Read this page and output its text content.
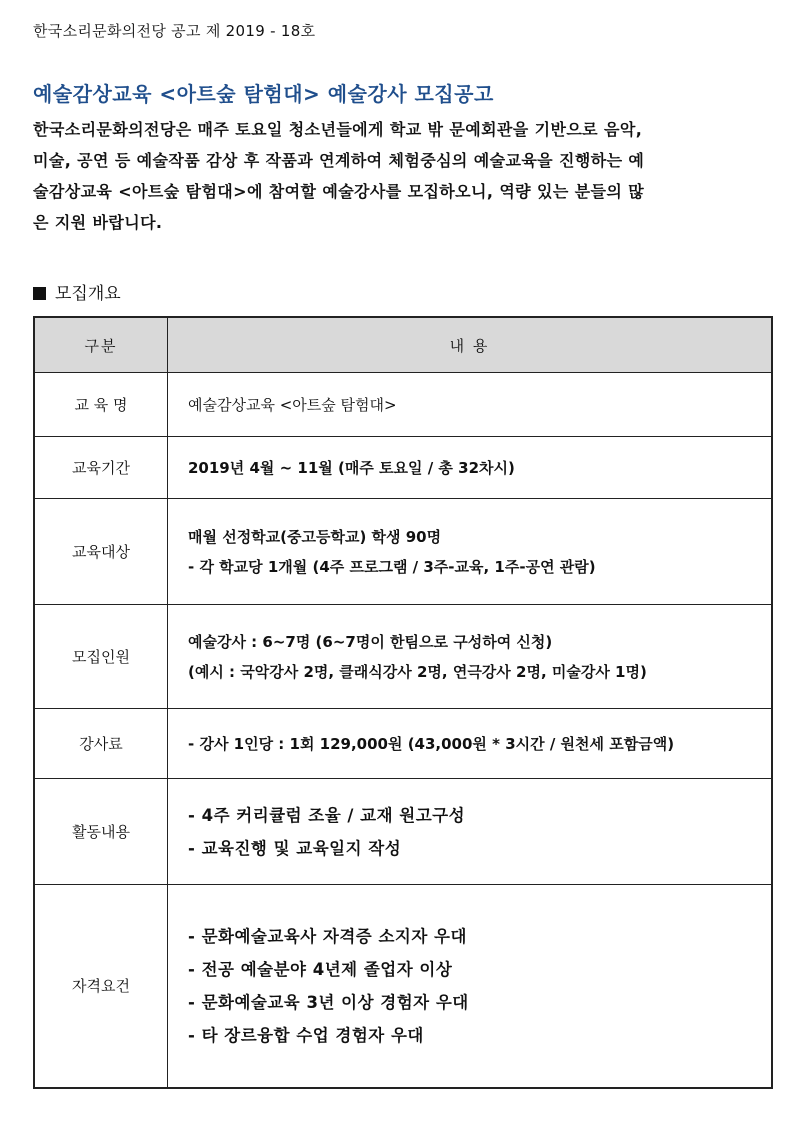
한국소리문화의전당 공고 제 2019 - 18호
예술감상교육 <아트숲 탐험대> 예술강사 모집공고
한국소리문화의전당은 매주 토요일 청소년들에게 학교 밖 문예회관을 기반으로 음악,
미술, 공연 등 예술작품 감상 후 작품과 연계하여 체험중심의 예술교육을 진행하는 예
술감상교육 <아트숲 탐험대>에 참여할 예술강사를 모집하오니, 역량 있는 분들의 많
은 지원 바랍니다.
모집개요
구분	내 용
교 육 명	예술감상교육 <아트숲 탐험대>

교육기간	2019년 4월 ~ 11월 (매주 토요일 / 총 32차시)

교육대상	매월 선정학교(중고등학교) 학생 90명
- 각 학교당 1개월 (4주 프로그램 / 3주-교육, 1주-공연 관람)

모집인원	예술강사 : 6~7명 (6~7명이 한팀으로 구성하여 신청)
(예시 : 국악강사 2명, 클래식강사 2명, 연극강사 2명, 미술강사 1명)

강사료	- 강사 1인당 : 1회 129,000원 (43,000원 * 3시간 / 원천세 포함금액)

활동내용	- 4주 커리큘럼 조율 / 교재 원고구성
- 교육진행 및 교육일지 작성

자격요건	- 문화예술교육사 자격증 소지자 우대
- 전공 예술분야 4년제 졸업자 이상
- 문화예술교육 3년 이상 경험자 우대
- 타 장르융합 수업 경험자 우대
